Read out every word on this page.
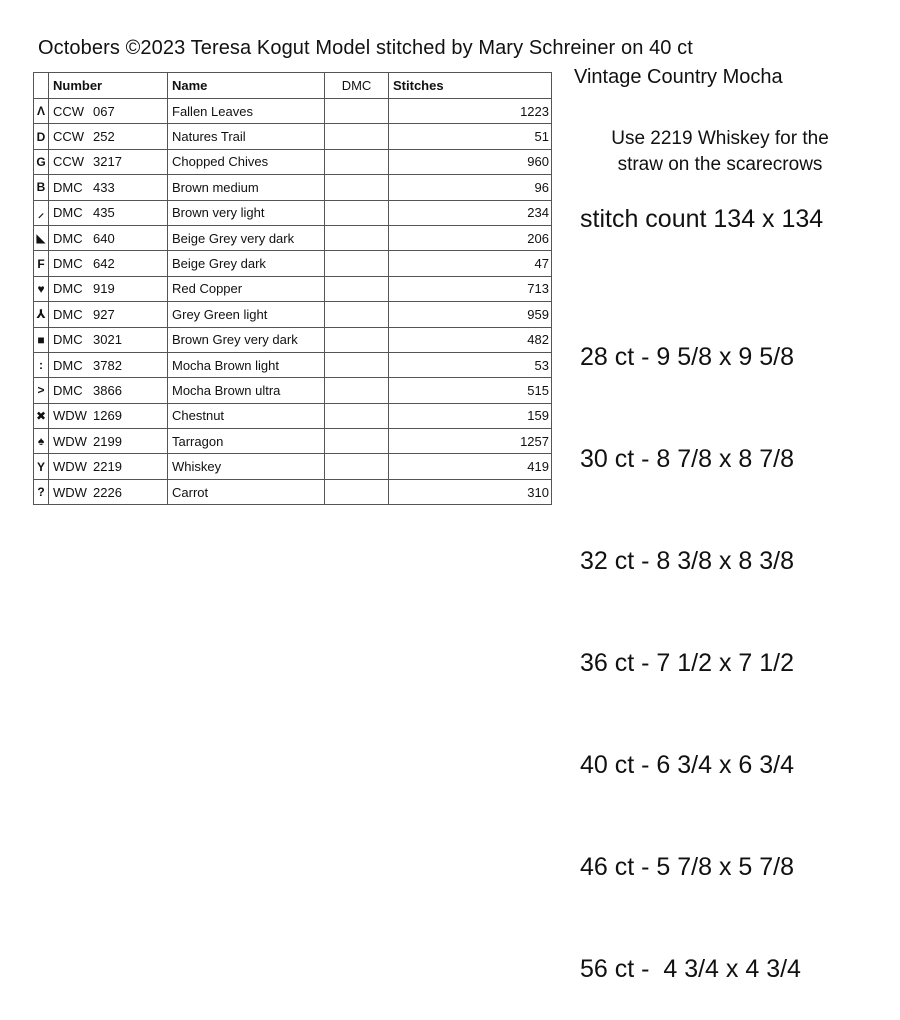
Octobers ©2023 Teresa Kogut Model stitched by Mary Schreiner on 40 ct
Vintage Country Mocha
	Number	Name	DMC	Stitches
Λ	CCW 067	Fallen Leaves		1223
D	CCW 252	Natures Trail		51
G	CCW 3217	Chopped Chives		960
B	DMC 433	Brown medium		96
⸝	DMC 435	Brown very light		234
◣	DMC 640	Beige Grey very dark		206
F	DMC 642	Beige Grey dark		47
♥	DMC 919	Red Copper		713
⅄	DMC 927	Grey Green light		959
■	DMC 3021	Brown Grey very dark		482
:	DMC 3782	Mocha Brown light		53
>	DMC 3866	Mocha Brown ultra		515
✖	WDW 1269	Chestnut		159
♠	WDW 2199	Tarragon		1257
Y	WDW 2219	Whiskey		419
?	WDW 2226	Carrot		310
Use 2219 Whiskey for the
straw on the scarecrows
stitch count 134 x 134

28 ct - 9 5/8 x 9 5/8

30 ct - 8 7/8 x 8 7/8

32 ct - 8 3/8 x 8 3/8

36 ct - 7 1/2 x 7 1/2

40 ct - 6 3/4 x 6 3/4

46 ct - 5 7/8 x 5 7/8

56 ct -  4 3/4 x 4 3/4
